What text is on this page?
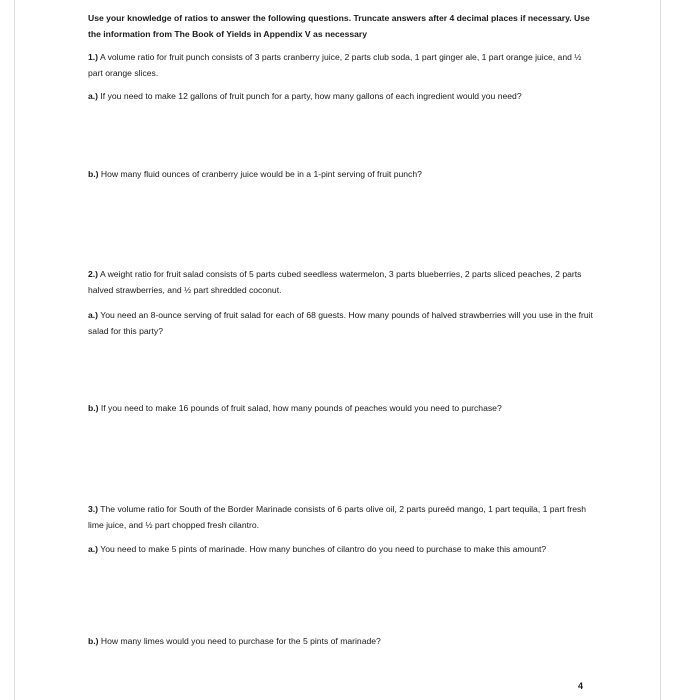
Use your knowledge of ratios to answer the following questions. Truncate answers after 4 decimal places if necessary. Use the information from The Book of Yields in Appendix V as necessary
1.) A volume ratio for fruit punch consists of 3 parts cranberry juice, 2 parts club soda, 1 part ginger ale, 1 part orange juice, and ½ part orange slices.
a.) If you need to make 12 gallons of fruit punch for a party, how many gallons of each ingredient would you need?
b.) How many fluid ounces of cranberry juice would be in a 1-pint serving of fruit punch?
2.) A weight ratio for fruit salad consists of 5 parts cubed seedless watermelon, 3 parts blueberries, 2 parts sliced peaches, 2 parts halved strawberries, and ½ part shredded coconut.
a.) You need an 8-ounce serving of fruit salad for each of 68 guests. How many pounds of halved strawberries will you use in the fruit salad for this party?
b.) If you need to make 16 pounds of fruit salad, how many pounds of peaches would you need to purchase?
3.) The volume ratio for South of the Border Marinade consists of 6 parts olive oil, 2 parts pureéd mango, 1 part tequila, 1 part fresh lime juice, and ½ part chopped fresh cilantro.
a.) You need to make 5 pints of marinade. How many bunches of cilantro do you need to purchase to make this amount?
b.) How many limes would you need to purchase for the 5 pints of marinade?
4
